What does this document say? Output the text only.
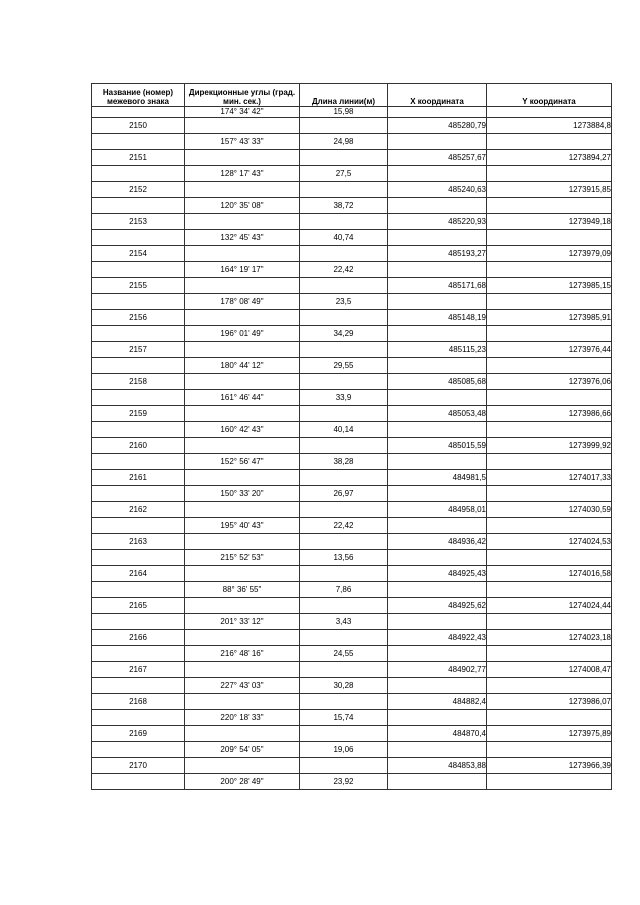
Название (номер) межевого знака	Дирекционные углы (град. мин. сек.)	Длина линии(м)	X координата	Y координата
	174° 34' 42"	15,98		
2150			485280,79	1273884,8
	157° 43' 33"	24,98		
2151			485257,67	1273894,27
	128° 17' 43"	27,5		
2152			485240,63	1273915,85
	120° 35' 08"	38,72		
2153			485220,93	1273949,18
	132° 45' 43"	40,74		
2154			485193,27	1273979,09
	164° 19' 17"	22,42		
2155			485171,68	1273985,15
	178° 08' 49"	23,5		
2156			485148,19	1273985,91
	196° 01' 49"	34,29		
2157			485115,23	1273976,44
	180° 44' 12"	29,55		
2158			485085,68	1273976,06
	161° 46' 44"	33,9		
2159			485053,48	1273986,66
	160° 42' 43"	40,14		
2160			485015,59	1273999,92
	152° 56' 47"	38,28		
2161			484981,5	1274017,33
	150° 33' 20"	26,97		
2162			484958,01	1274030,59
	195° 40' 43"	22,42		
2163			484936,42	1274024,53
	215° 52' 53"	13,56		
2164			484925,43	1274016,58
	88° 36' 55"	7,86		
2165			484925,62	1274024,44
	201° 33' 12"	3,43		
2166			484922,43	1274023,18
	216° 48' 16"	24,55		
2167			484902,77	1274008,47
	227° 43' 03"	30,28		
2168			484882,4	1273986,07
	220° 18' 33"	15,74		
2169			484870,4	1273975,89
	209° 54' 05"	19,06		
2170			484853,88	1273966,39
	200° 28' 49"	23,92		
